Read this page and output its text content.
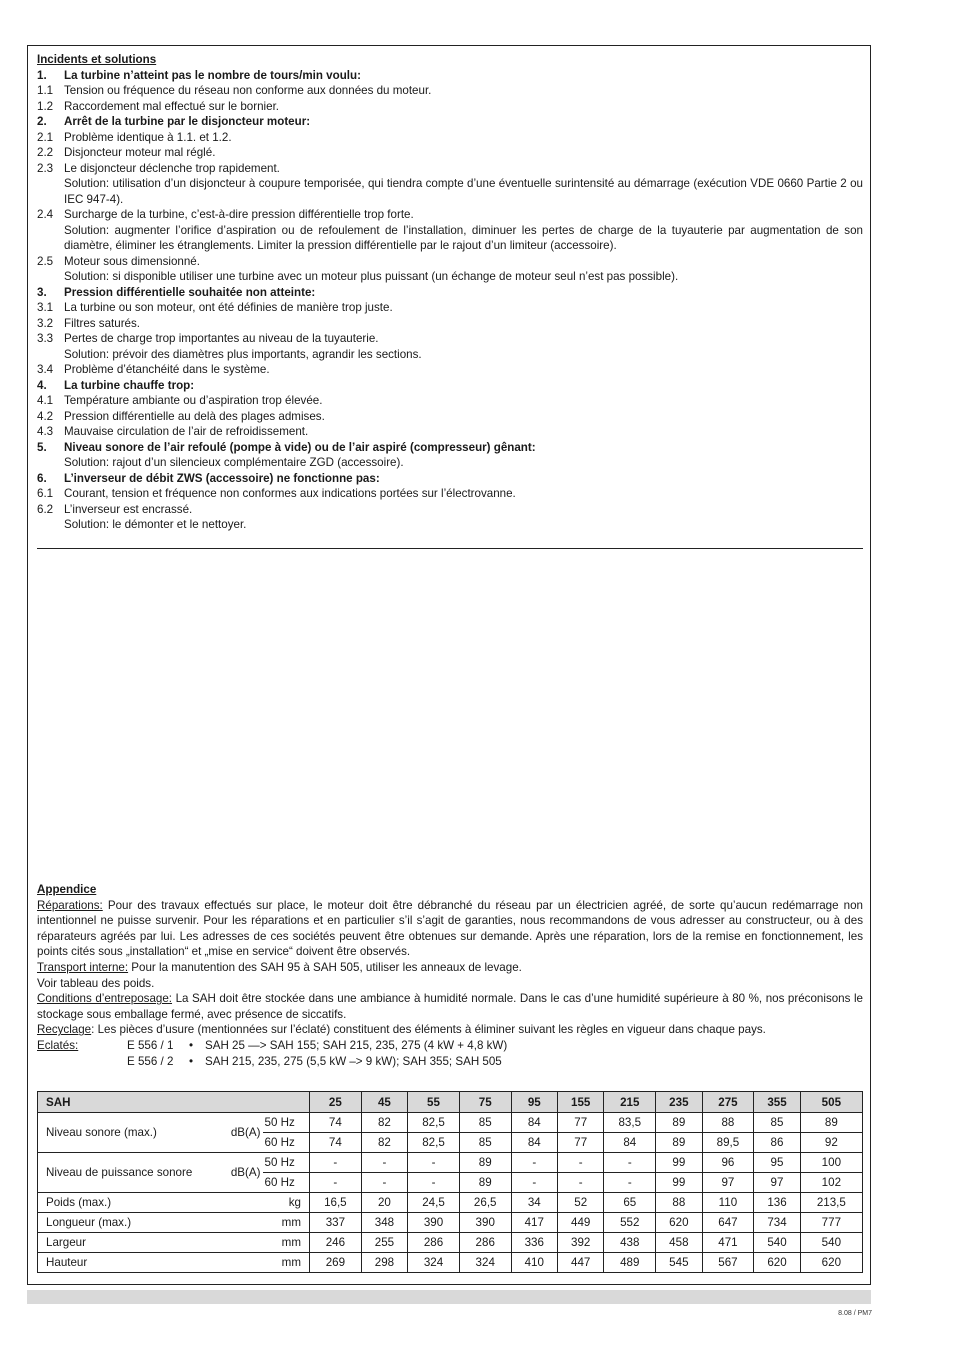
Incidents et solutions
1.	La turbine n’atteint pas le nombre de tours/min voulu:
1.1 Tension ou fréquence du réseau non conforme aux données du moteur.
1.2 Raccordement mal effectué sur le bornier.
2.	Arrêt de la turbine par le disjoncteur moteur:
2.1 Problème identique à 1.1. et 1.2.
2.2 Disjoncteur moteur mal réglé.
2.3 Le disjoncteur déclenche trop rapidement.
Solution: utilisation d’un disjoncteur à coupure temporisée, qui tiendra compte d’une éventuelle surintensité au démarrage (exécution VDE 0660 Partie 2 ou IEC 947-4).
2.4 Surcharge de la turbine, c’est-à-dire pression différentielle trop forte.
Solution: augmenter l’orifice d’aspiration ou de refoulement de l’installation, diminuer les pertes de charge de la tuyauterie par augmentation de son diamètre, éliminer les étranglements. Limiter la pression différentielle par le rajout d’un limiteur (accessoire).
2.5 Moteur sous dimensionné.
Solution: si disponible utiliser une turbine avec un moteur plus puissant (un échange de moteur seul n’est pas possible).
3.	Pression différentielle souhaitée non atteinte:
3.1 La turbine ou son moteur, ont été définies de manière trop juste.
3.2 Filtres saturés.
3.3 Pertes de charge trop importantes au niveau de la tuyauterie.
Solution: prévoir des diamètres plus importants, agrandir les sections.
3.4 Problème d’étanchéité dans le système.
4.	La turbine chauffe trop:
4.1 Température ambiante ou d’aspiration trop élevée.
4.2 Pression différentielle au delà des plages admises.
4.3 Mauvaise circulation de l’air de refroidissement.
5.	Niveau sonore de l’air refoulé (pompe à vide) ou de l’air aspiré (compresseur) gênant:
Solution: rajout d’un silencieux complémentaire ZGD (accessoire).
6.	L’inverseur de débit ZWS (accessoire) ne fonctionne pas:
6.1 Courant, tension et fréquence non conformes aux indications portées sur l’électrovanne.
6.2 L’inverseur est encrassé.
Solution: le démonter et le nettoyer.
Appendice
Réparations: Pour des travaux effectués sur place, le moteur doit être débranché du réseau par un électricien agréé, de sorte qu’aucun redémarrage non intentionnel ne puisse survenir. Pour les réparations et en particulier s’il s’agit de garanties, nous recommandons de vous adresser au constructeur, ou à des réparateurs agréés par lui. Les adresses de ces sociétés peuvent être obtenues sur demande. Après une réparation, lors de la remise en fonctionnement, les points cités sous „installation“ et „mise en service“ doivent être observés.
Transport interne: Pour la manutention des SAH 95 à SAH 505, utiliser les anneaux de levage.
Voir tableau des poids.
Conditions d’entreposage: La SAH doit être stockée dans une ambiance à humidité normale. Dans le cas d’une humidité supérieure à 80 %, nos préconisons le stockage sous emballage fermé, avec présence de siccatifs.
Recyclage: Les pièces d’usure (mentionnées sur l’éclaté) constituent des éléments à éliminer suivant les règles en vigueur dans chaque pays.
Eclatés:	E 556 / 1	•	SAH 25 —> SAH 155; SAH 215, 235, 275 (4 kW + 4,8 kW)
E 556 / 2	•	SAH 215, 235, 275 (5,5 kW –> 9 kW); SAH 355; SAH 505
SAH			25	45	55	75	95	155	215	235	275	355	505
Niveau sonore (max.)	dB(A)	50 Hz	74	82	82,5	85	84	77	83,5	89	88	85	89
		60 Hz	74	82	82,5	85	84	77	84	89	89,5	86	92
Niveau de puissance sonore	dB(A)	50 Hz	-	-	-	89	-	-	-	99	96	95	100
		60 Hz	-	-	-	89	-	-	-	99	97	97	102
Poids (max.)		kg	16,5	20	24,5	26,5	34	52	65	88	110	136	213,5
Longueur (max.)		mm	337	348	390	390	417	449	552	620	647	734	777
Largeur		mm	246	255	286	286	336	392	438	458	471	540	540
Hauteur		mm	269	298	324	324	410	447	489	545	567	620	620
8.08 / PM7
